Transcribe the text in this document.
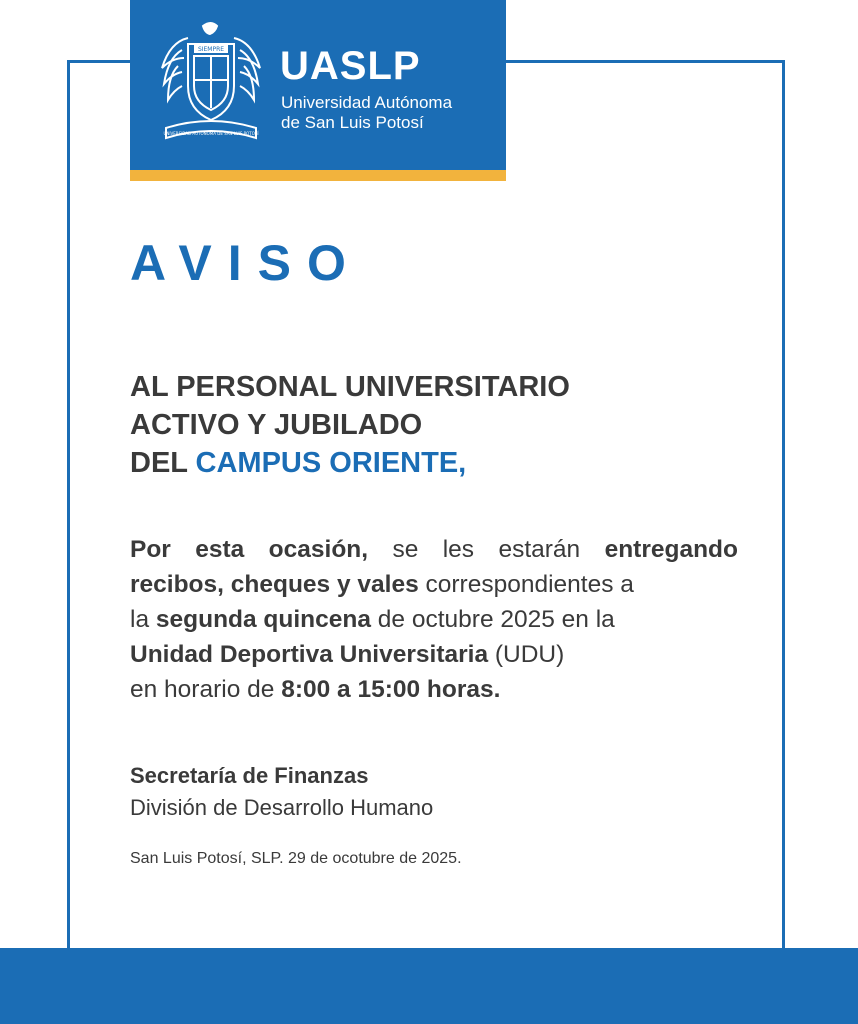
SIEMPRE
UNIVERSIDAD AUTÓNOMA DE SAN LUIS POTOSÍ
UASLP
Universidad Autónoma
de San Luis Potosí
AVISO
AL PERSONAL UNIVERSITARIO
ACTIVO Y JUBILADO
DEL CAMPUS ORIENTE,
Por esta ocasión, se les estarán entregando
recibos, cheques y vales correspondientes a
la segunda quincena de octubre 2025 en la
Unidad Deportiva Universitaria (UDU)
en horario de 8:00 a 15:00 horas.
Secretaría de Finanzas
División de Desarrollo Humano
San Luis Potosí, SLP. 29 de ocotubre de 2025.
